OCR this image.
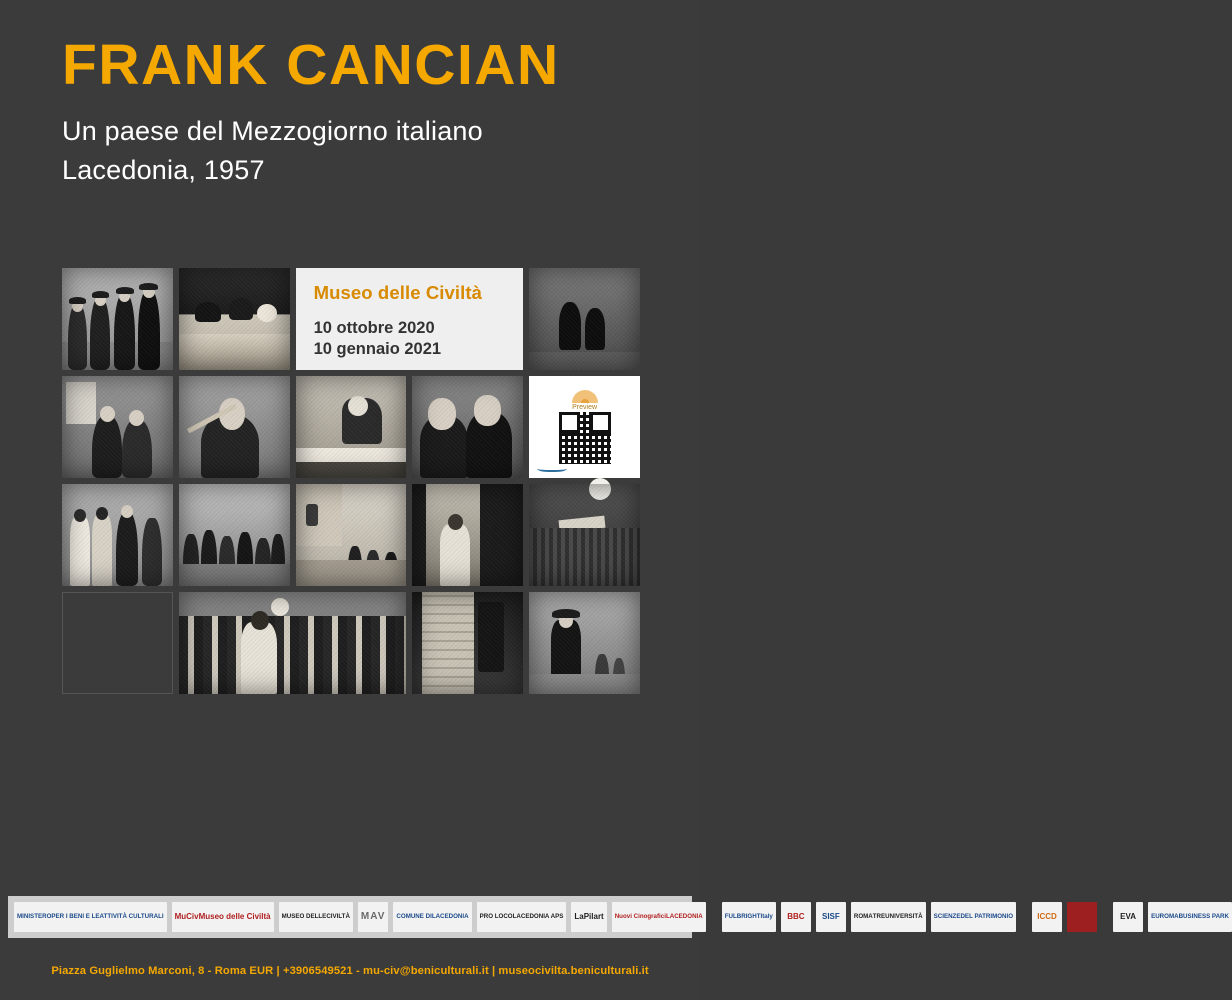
FRANK CANCIAN
Un paese del Mezzogiorno italiano
Lacedonia, 1957
Museo delle Civiltà
10 ottobre 2020
10 gennaio 2021
Preview
MINISTERO PER I BENI E LE ATTIVITÀ CULTURALI MuCiv Museo delle Civiltà MUSEO DELLE CIVILTÀ MAV COMUNE DI LACEDONIA PRO LOCO LACEDONIA APS LaPilart Nuovi Cinografici LACEDONIA	FULBRIGHT Italy BBC SISF ROMA TRE UNIVERSITÀ SCIENZE DEL PATRIMONIO	ICCD	EVA EUROMA BUSINESS PARK
Piazza Guglielmo Marconi, 8 - Roma EUR | +3906549521 - mu-civ@beniculturali.it | museocivilta.beniculturali.it
